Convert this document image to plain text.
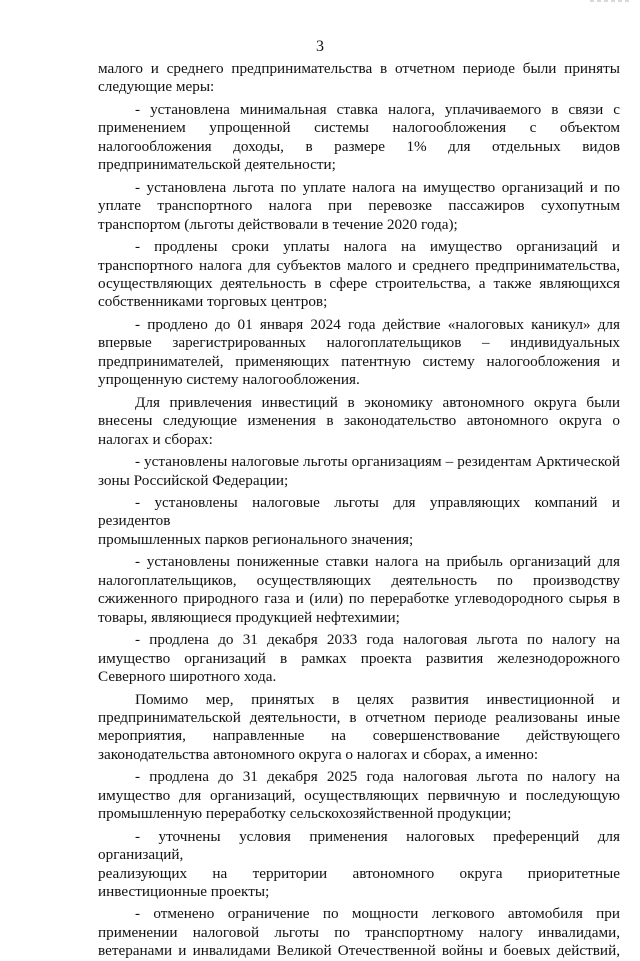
3

малого и среднего предпринимательства в отчетном периоде были приняты

следующие меры:

- установлена минимальная ставка налога, уплачиваемого в связи с

применением упрощенной системы налогообложения с объектом

налогообложения доходы, в размере 1% для отдельных видов

предпринимательской деятельности;

- установлена льгота по уплате налога на имущество организаций и по

уплате транспортного налога при перевозке пассажиров сухопутным

транспортом (льготы действовали в течение 2020 года);

- продлены сроки уплаты налога на имущество организаций и

транспортного налога для субъектов малого и среднего предпринимательства,

осуществляющих деятельность в сфере строительства, а также являющихся

собственниками торговых центров;

- продлено до 01 января 2024 года действие «налоговых каникул» для

впервые зарегистрированных налогоплательщиков – индивидуальных

предпринимателей, применяющих патентную систему налогообложения и

упрощенную систему налогообложения.

Для привлечения инвестиций в экономику автономного округа были

внесены следующие изменения в законодательство автономного округа о

налогах и сборах:

- установлены налоговые льготы организациям – резидентам Арктической

зоны Российской Федерации;

- установлены налоговые льготы для управляющих компаний и резидентов

промышленных парков регионального значения;

- установлены пониженные ставки налога на прибыль организаций для

налогоплательщиков, осуществляющих деятельность по производству

сжиженного природного газа и (или) по переработке углеводородного сырья в

товары, являющиеся продукцией нефтехимии;

- продлена до 31 декабря 2033 года налоговая льгота по налогу на

имущество организаций в рамках проекта развития железнодорожного

Северного широтного хода.

Помимо мер, принятых в целях развития инвестиционной и

предпринимательской деятельности, в отчетном периоде реализованы иные

мероприятия, направленные на совершенствование действующего

законодательства автономного округа о налогах и сборах, а именно:

- продлена до 31 декабря 2025 года налоговая льгота по налогу на

имущество для организаций, осуществляющих первичную и последующую

промышленную переработку сельскохозяйственной продукции;

- уточнены условия применения налоговых преференций для организаций,

реализующих на территории автономного округа приоритетные

инвестиционные проекты;

- отменено ограничение по мощности легкового автомобиля при

применении налоговой льготы по транспортному налогу инвалидами,

ветеранами и инвалидами Великой Отечественной войны и боевых действий,
